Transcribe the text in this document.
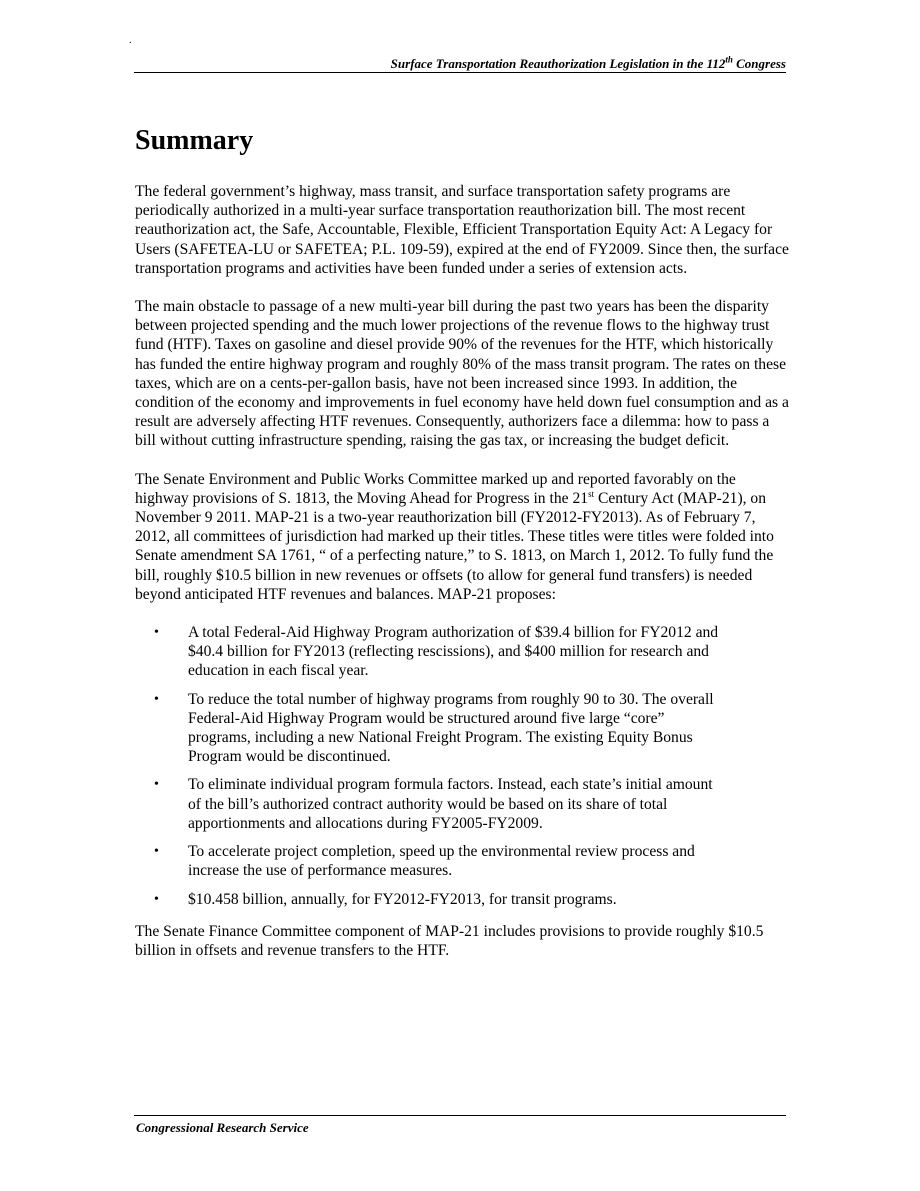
.
Surface Transportation Reauthorization Legislation in the 112th Congress
Summary

The federal government’s highway, mass transit, and surface transportation safety programs are periodically authorized in a multi-year surface transportation reauthorization bill. The most recent reauthorization act, the Safe, Accountable, Flexible, Efficient Transportation Equity Act: A Legacy for Users (SAFETEA-LU or SAFETEA; P.L. 109-59), expired at the end of FY2009. Since then, the surface transportation programs and activities have been funded under a series of extension acts.

The main obstacle to passage of a new multi-year bill during the past two years has been the disparity between projected spending and the much lower projections of the revenue flows to the highway trust fund (HTF). Taxes on gasoline and diesel provide 90% of the revenues for the HTF, which historically has funded the entire highway program and roughly 80% of the mass transit program. The rates on these taxes, which are on a cents-per-gallon basis, have not been increased since 1993. In addition, the condition of the economy and improvements in fuel economy have held down fuel consumption and as a result are adversely affecting HTF revenues. Consequently, authorizers face a dilemma: how to pass a bill without cutting infrastructure spending, raising the gas tax, or increasing the budget deficit.

The Senate Environment and Public Works Committee marked up and reported favorably on the highway provisions of S. 1813, the Moving Ahead for Progress in the 21st Century Act (MAP-21), on November 9 2011. MAP-21 is a two-year reauthorization bill (FY2012-FY2013). As of February 7, 2012, all committees of jurisdiction had marked up their titles. These titles were titles were folded into Senate amendment SA 1761, “ of a perfecting nature,” to S. 1813, on March 1, 2012. To fully fund the bill, roughly $10.5 billion in new revenues or offsets (to allow for general fund transfers) is needed beyond anticipated HTF revenues and balances. MAP-21 proposes:

• A total Federal-Aid Highway Program authorization of $39.4 billion for FY2012 and $40.4 billion for FY2013 (reflecting rescissions), and $400 million for research and education in each fiscal year.
• To reduce the total number of highway programs from roughly 90 to 30. The overall Federal-Aid Highway Program would be structured around five large “core” programs, including a new National Freight Program. The existing Equity Bonus Program would be discontinued.
• To eliminate individual program formula factors. Instead, each state’s initial amount of the bill’s authorized contract authority would be based on its share of total apportionments and allocations during FY2005-FY2009.
• To accelerate project completion, speed up the environmental review process and increase the use of performance measures.
• $10.458 billion, annually, for FY2012-FY2013, for transit programs.

The Senate Finance Committee component of MAP-21 includes provisions to provide roughly $10.5 billion in offsets and revenue transfers to the HTF.

Congressional Research Service
